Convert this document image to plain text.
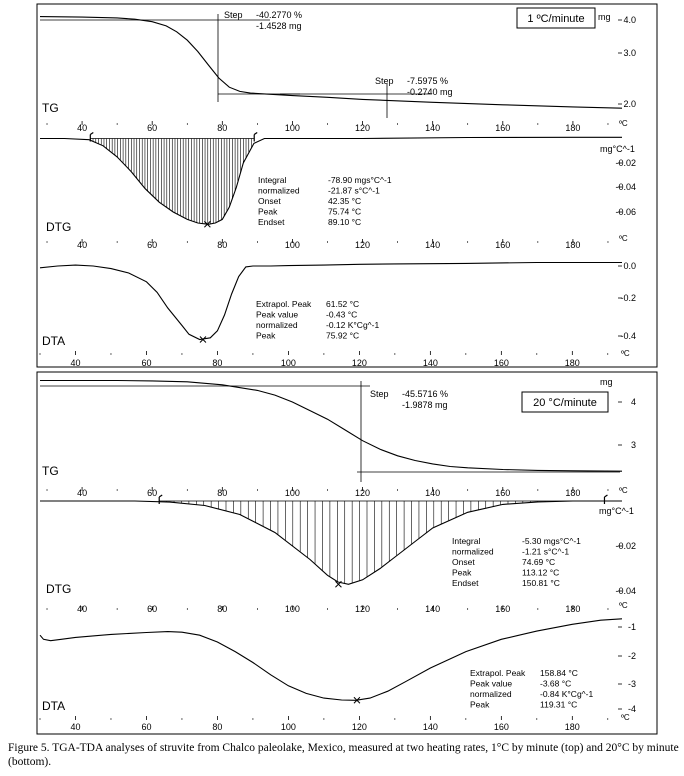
1 ºC/minute
40	60	80	100	120	140	160	180	ºC
2.0
3.0
4.0
mg
TG
Step -40.2770 %
-1.4528 mg
Step -7.5975 %
-0.2740 mg
40	60	80	100	120	140	160	180
ºC
-0.02
-0.04
-0.06
mg°C^-1
DTG
Integral	-78.90 mgs°C^-1
normalized	-21.87 s°C^-1
Onset	42.35 °C
Peak	75.74 °C
Endset	89.10 °C
40	60	80	100	120	140	160	180
ºC
0.0
-0.2
-0.4
DTA
Extrapol. Peak 61.52 °C
Peak value	-0.43 °C
normalized	-0.12 K°Cg^-1
Peak	75.92 °C
20 °C/minute
40	60	80	100	120	140	160	180	ºC
3
4
mg
TG
Step -45.5716 %
-1.9878 mg
40	60	80	100	120	140	160	180	ºC
-0.02
-0.04
mg°C^-1
DTG
Integral	-5.30 mgs°C^-1
normalized	-1.21 s°C^-1
Onset	74.69 °C
Peak	113.12 °C
Endset	150.81 °C
40	60	80	100	120	140	160	180
ºC
-1
-2
-3
-4
DTA
Extrapol. Peak 158.84 °C
Peak value	-3.68 °C
normalized	-0.84 K°Cg^-1
Peak	119.31 °C
Figure 5. TGA-TDA analyses of struvite from Chalco paleolake, Mexico, measured at two heating rates, 1°C by minute (top) and 20°C by minute (bottom).
